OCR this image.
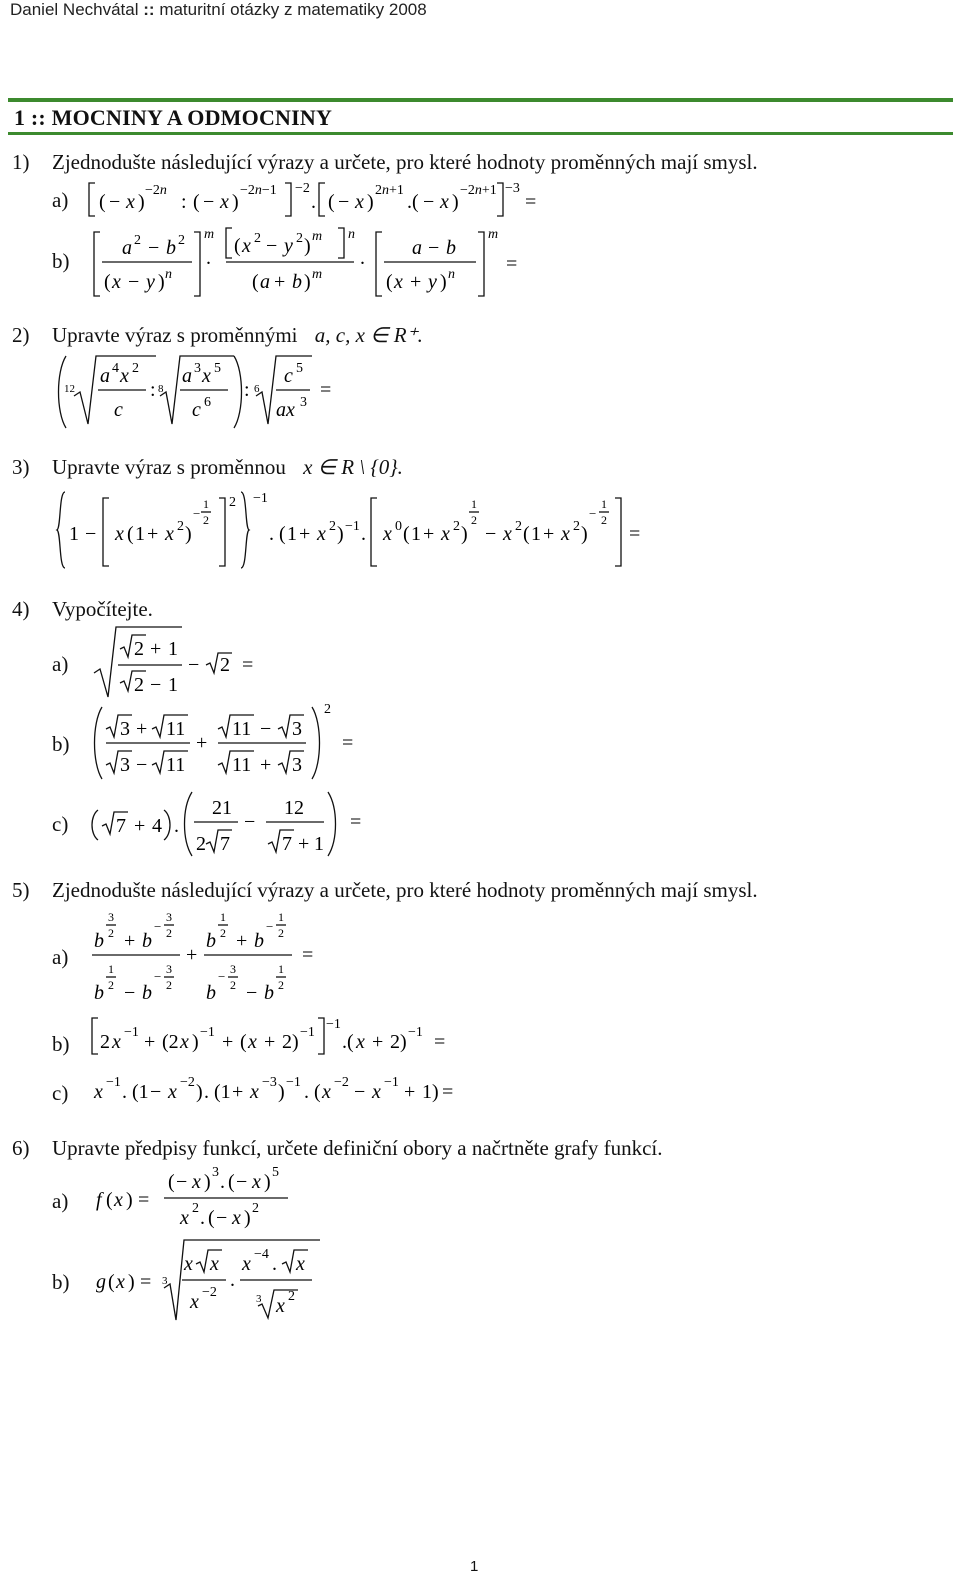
Daniel Nechvátal :: maturitní otázky z matematiky 2008
1 :: MOCNINY A ODMOCNINY
1) Zjednodušte následující výrazy a určete, pro které hodnoty proměnných mají smysl.
a) ( − x )
−2n
: ( − x )
−2n−1 −2
. ( − x )
2n+1
.( − x )
−2n+1 −3
=
b)
a 2 − b 2
( x − y ) n
m
.
( x 2 − y 2 ) m n
( a + b ) m
. a − b
( x + y ) n
m
=
2) Upravte výraz s proměnnými a, c, x ∈ R⁺.
12
a 4 x 2
c
: 8
a 3 x 5
c 6
: 6
c 5
ax 3
=
3) Upravte výraz s proměnnou x ∈ R \ {0}.
1 − x ( 1 + x 2 )
−
1
2
2 −1
. ( 1 + x 2 ) −1 . x 0 ( 1 + x 2 )
1
2
− x 2 ( 1 + x 2 )
−
1
2
=
4) Vypočítejte.
a)
2 + 1
2 − 1
− 2 =
b)
3 + 11
3 − 11
+
11 − 3
11 + 3
2
=
c) 7 + 4 .
21
2 7
−
12
7 + 1
=
5) Zjednodušte následující výrazy a určete, pro které hodnoty proměnných mají smysl.
a)
b
3
2 + b
−
3
2
b
1
2 − b
− 3
2
+
b
1
2 + b
−
1
2
b
− 3
2 − b
1
2
=
b) 2 x −1 + (2 x ) −1 + ( x + 2) −1
−1
.( x + 2) −1 =
c) x −1 . (1 − x −2 ) . (1 + x −3 ) −1 . ( x −2 − x −1 + 1) =
6) Upravte předpisy funkcí, určete definiční obory a načrtněte grafy funkcí.
a) f ( x ) =
( − x ) 3 . ( − x ) 5
x 2 . ( − x ) 2
b) g ( x ) = 3
x x
x −2
.
x −4 . x
3 x 2
1
